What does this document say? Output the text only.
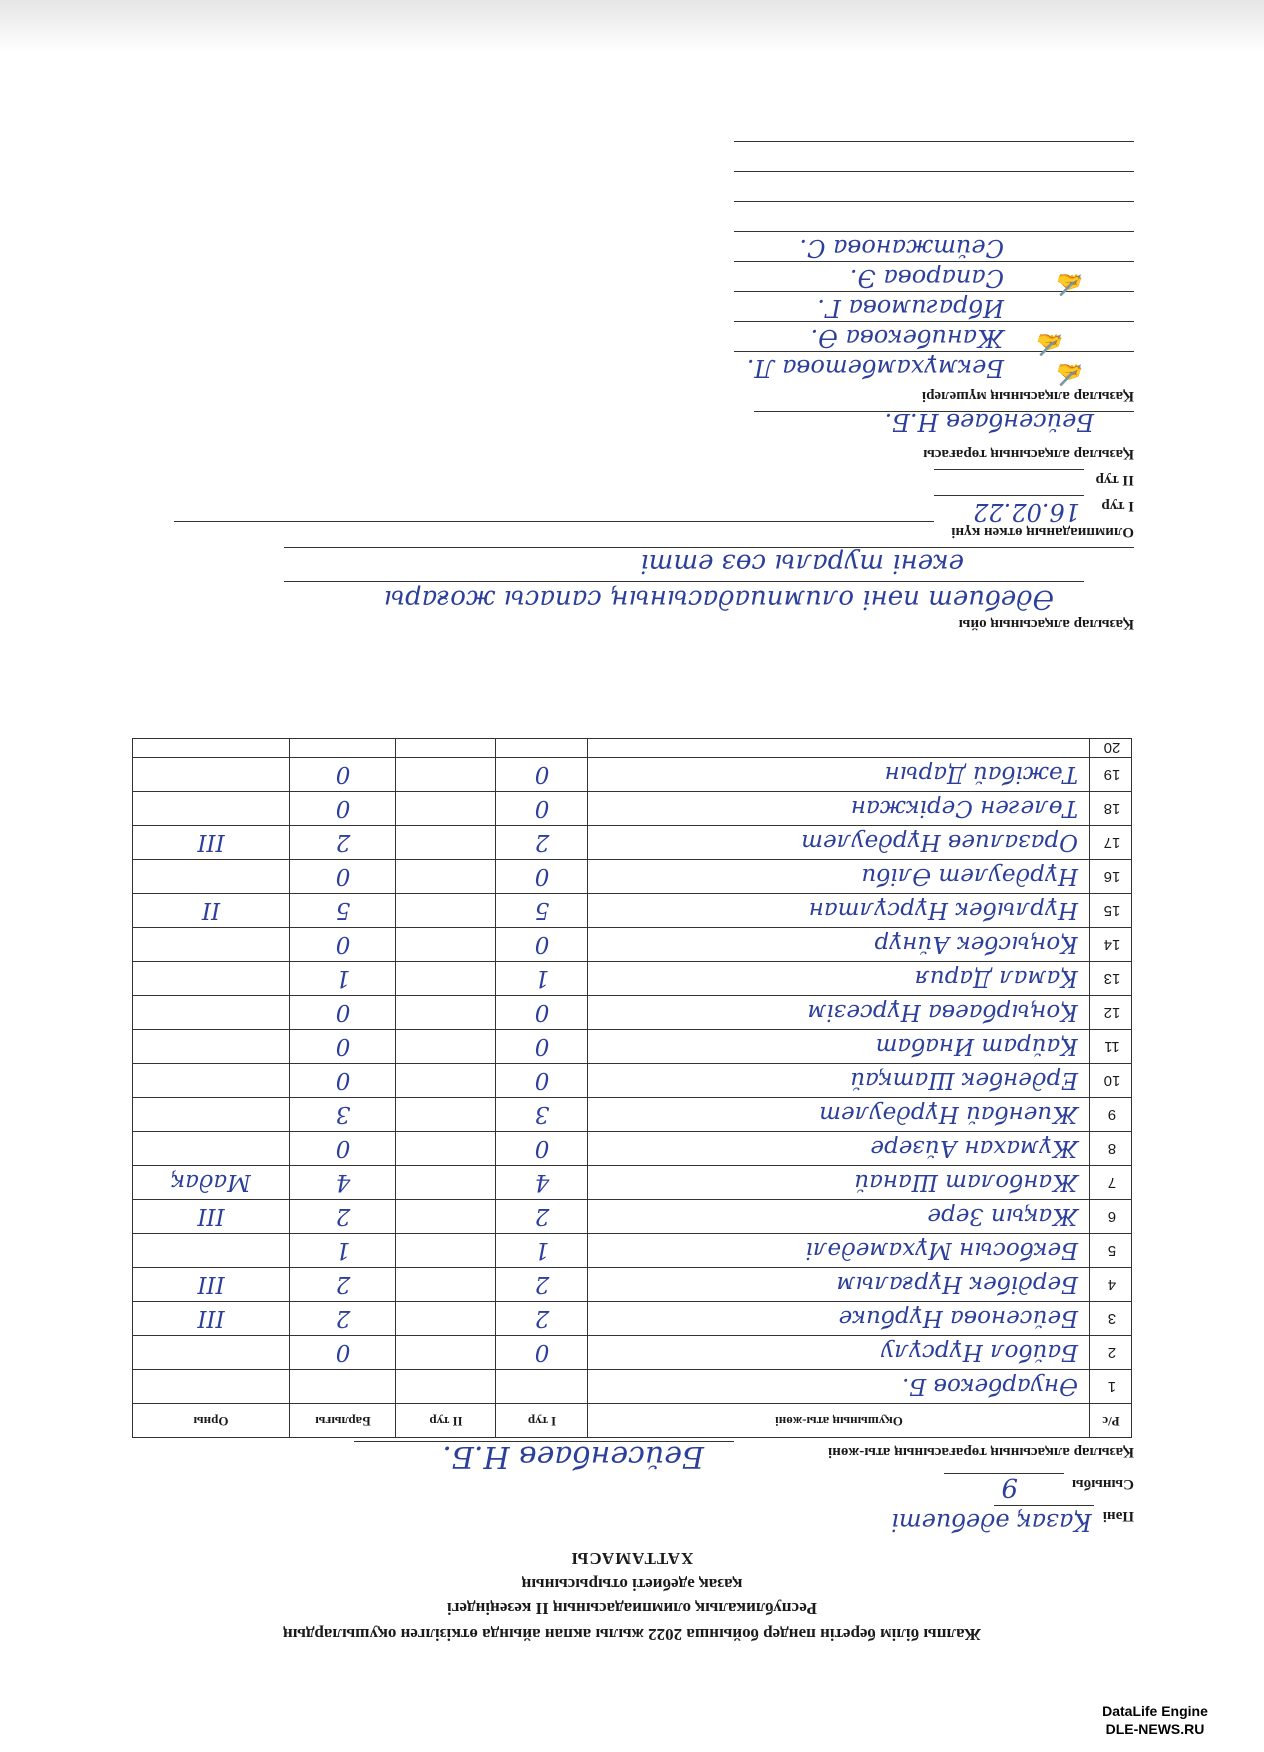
Жалпы білім беретін пәндер бойынша 2022 жылы акпан айында өткізілген оқушылардың
Республикалық олимпиадасының II кезеңіндегі
қазақ әдебиеті отырысының
ХАТТАМАСЫ
Пәні
Қазақ әдебиеті
Сыныбы
9
Қазылар алқасының төрағасының аты-жөні
Бейсенбаев Н.Б.
Р/с
Оқушының аты-жөні
I тур
II тур
Барлығы
Орны
1
Әнуарбеков Б.
2
Байбол Нұрсұлу
0
0
3
Бейсенова Нұрбике
2
2
III
4
Бердібек Нұрғалым
2
2
III
5
Бекбосын Мұхамедәлі
1
1
6
Жақып Зере
2
2
III
7
Жанболат Шанай
4
4
Мадақ
8
Жұмахан Айзере
0
0
9
Жиенбай Нұрдәулет
3
3
10
Ерденбек Шатқай
0
0
11
Қайрат Инабат
0
0
12
Қоңырбаева Нұрсезім
0
0
13
Қамал Дария
1
1
14
Қоңысбек Айнұр
0
0
15
Нұрлыбек Нұрсұлтан
5
5
II
16
Нұрдәулет Әліби
0
0
17
Оразалиев Нұрдәулет
2
2
III
18
Төлеген Серікжан
0
0
19
Тәжібай Дарын
0
0
20
Қазылар алқасының ойы
Әдебиет пәні олимпиадасының сапасы жоғары
екені туралы сөз етті
Олимпиаданың өткен күні
I тур
16.02.22
II тур
Қазылар алқасының төрағасы
Бейсенбаев Н.Б.
Қазылар алқасының мүшелері
Бекмұхамбетова Л. ✍
Жанибекова Ә. ✍
Ибрагимова Г.
Сапарова Э. ✍
Сейтжанова С.
DataLife Engine
DLE-NEWS.RU
